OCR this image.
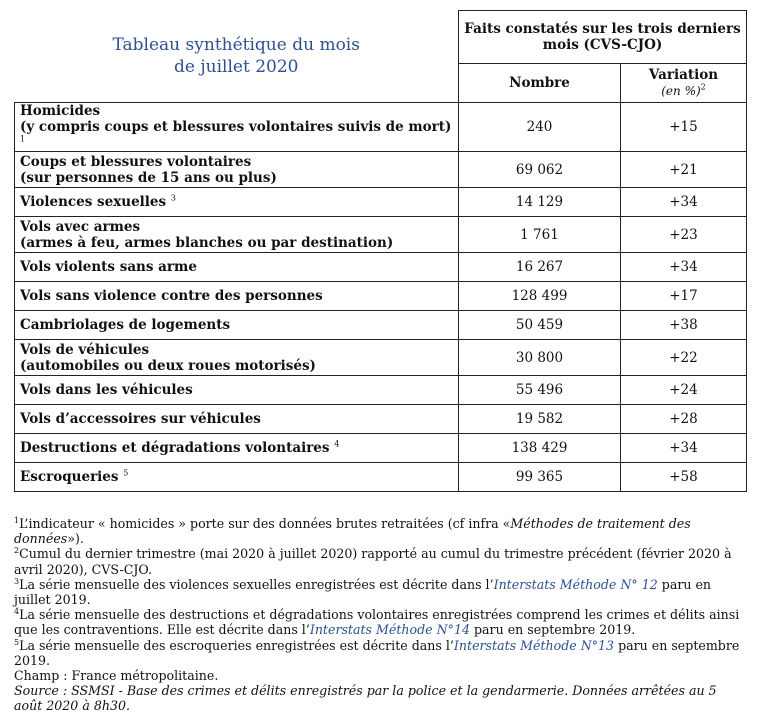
Tableau synthétique du mois
de juillet 2020	Faits constatés sur les trois derniers mois (CVS-CJO)	
	Nombre	Variation
(en %)$^2$
Homicides
(y compris coups et blessures volontaires suivis de mort) $^1$	240	+15
Coups et blessures volontaires
(sur personnes de 15 ans ou plus)	69 062	+21
Violences sexuelles $^3$	14 129	+34
Vols avec armes
(armes à feu, armes blanches ou par destination)	1 761	+23
Vols violents sans arme	16 267	+34
Vols sans violence contre des personnes	128 499	+17
Cambriolages de logements	50 459	+38
Vols de véhicules
(automobiles ou deux roues motorisés)	30 800	+22
Vols dans les véhicules	55 496	+24
Vols d’accessoires sur véhicules	19 582	+28
Destructions et dégradations volontaires $^4$	138 429	+34
Escroqueries $^5$	99 365	+58

$^1$L’indicateur « homicides » porte sur des données brutes retraitées (cf infra «Méthodes de traitement des données»).

$^2$Cumul du dernier trimestre (mai 2020 à juillet 2020) rapporté au cumul du trimestre précédent (février 2020 à avril 2020), CVS-CJO.

$^3$La série mensuelle des violences sexuelles enregistrées est décrite dans l’Interstats Méthode N° 12 paru en juillet 2019.

$^4$La série mensuelle des destructions et dégradations volontaires enregistrées comprend les crimes et délits ainsi que les contraventions. Elle est décrite dans l’Interstats Méthode N°14 paru en septembre 2019.

$^5$La série mensuelle des escroqueries enregistrées est décrite dans l’Interstats Méthode N°13 paru en septembre 2019.

Champ : France métropolitaine.

Source : SSMSI - Base des crimes et délits enregistrés par la police et la gendarmerie. Données arrêtées au 5 août 2020 à 8h30.
